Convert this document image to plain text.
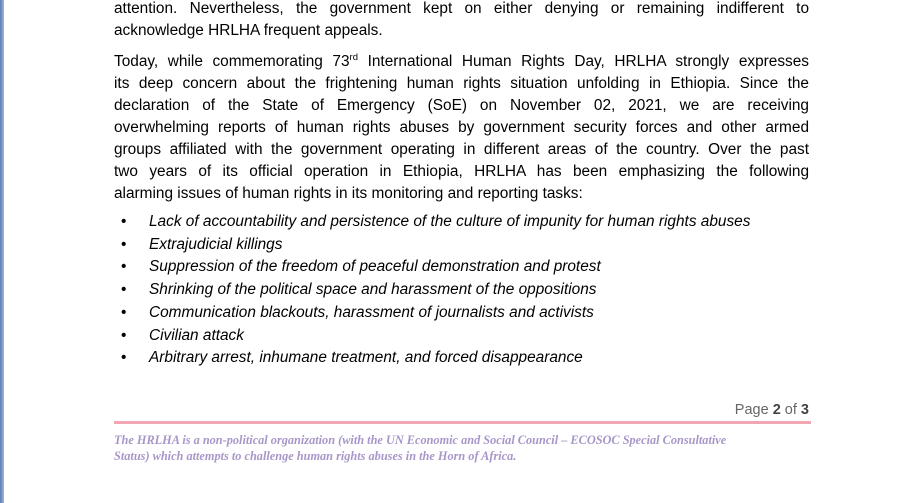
attention. Nevertheless, the government kept on either denying or remaining indifferent to
acknowledge HRLHA frequent appeals.
Today, while commemorating 73rd International Human Rights Day, HRLHA strongly expresses
its deep concern about the frightening human rights situation unfolding in Ethiopia. Since the
declaration of the State of Emergency (SoE) on November 02, 2021, we are receiving
overwhelming reports of human rights abuses by government security forces and other armed
groups affiliated with the government operating in different areas of the country. Over the past
two years of its official operation in Ethiopia, HRLHA has been emphasizing the following
alarming issues of human rights in its monitoring and reporting tasks:
• Lack of accountability and persistence of the culture of impunity for human rights abuses
• Extrajudicial killings
• Suppression of the freedom of peaceful demonstration and protest
• Shrinking of the political space and harassment of the oppositions
• Communication blackouts, harassment of journalists and activists
• Civilian attack
• Arbitrary arrest, inhumane treatment, and forced disappearance
Page 2 of 3
The HRLHA is a non-political organization (with the UN Economic and Social Council – ECOSOC Special Consultative
Status) which attempts to challenge human rights abuses in the Horn of Africa.
